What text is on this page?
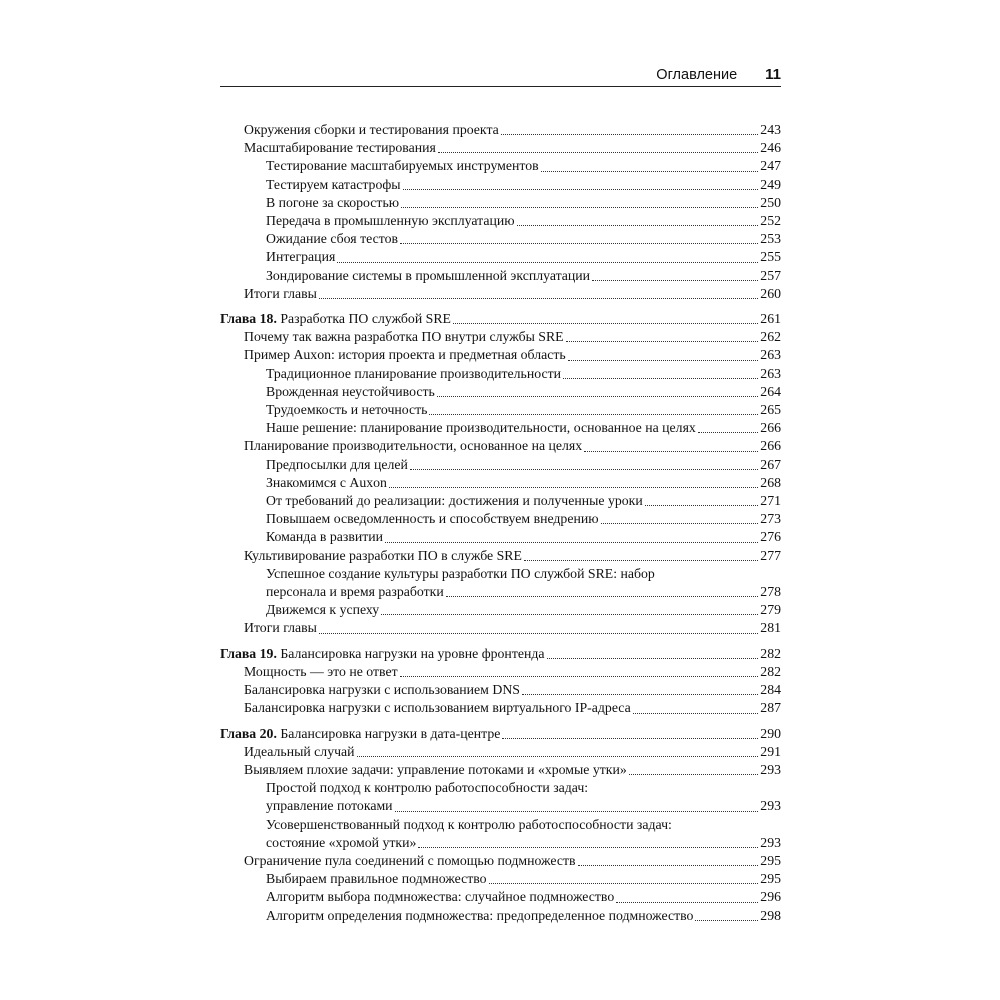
Оглавление 11
Окружения сборки и тестирования проекта	243
Масштабирование тестирования	246
Тестирование масштабируемых инструментов	247
Тестируем катастрофы	249
В погоне за скоростью	250
Передача в промышленную эксплуатацию	252
Ожидание сбоя тестов	253
Интеграция	255
Зондирование системы в промышленной эксплуатации	257
Итоги главы	260
Глава 18. Разработка ПО службой SRE	261
Почему так важна разработка ПО внутри службы SRE	262
Пример Auxon: история проекта и предметная область	263
Традиционное планирование производительности	263
Врожденная неустойчивость	264
Трудоемкость и неточность	265
Наше решение: планирование производительности, основанное на целях	266
Планирование производительности, основанное на целях	266
Предпосылки для целей	267
Знакомимся с Auxon	268
От требований до реализации: достижения и полученные уроки	271
Повышаем осведомленность и способствуем внедрению	273
Команда в развитии	276
Культивирование разработки ПО в службе SRE	277
Успешное создание культуры разработки ПО службой SRE: набор
персонала и время разработки	278
Движемся к успеху	279
Итоги главы	281
Глава 19. Балансировка нагрузки на уровне фронтенда	282
Мощность — это не ответ	282
Балансировка нагрузки с использованием DNS	284
Балансировка нагрузки с использованием виртуального IP-адреса	287
Глава 20. Балансировка нагрузки в дата-центре	290
Идеальный случай	291
Выявляем плохие задачи: управление потоками и «хромые утки»	293
Простой подход к контролю работоспособности задач:
управление потоками	293
Усовершенствованный подход к контролю работоспособности задач:
состояние «хромой утки»	293
Ограничение пула соединений с помощью подмножеств	295
Выбираем правильное подмножество	295
Алгоритм выбора подмножества: случайное подмножество	296
Алгоритм определения подмножества: предопределенное подмножество	298
